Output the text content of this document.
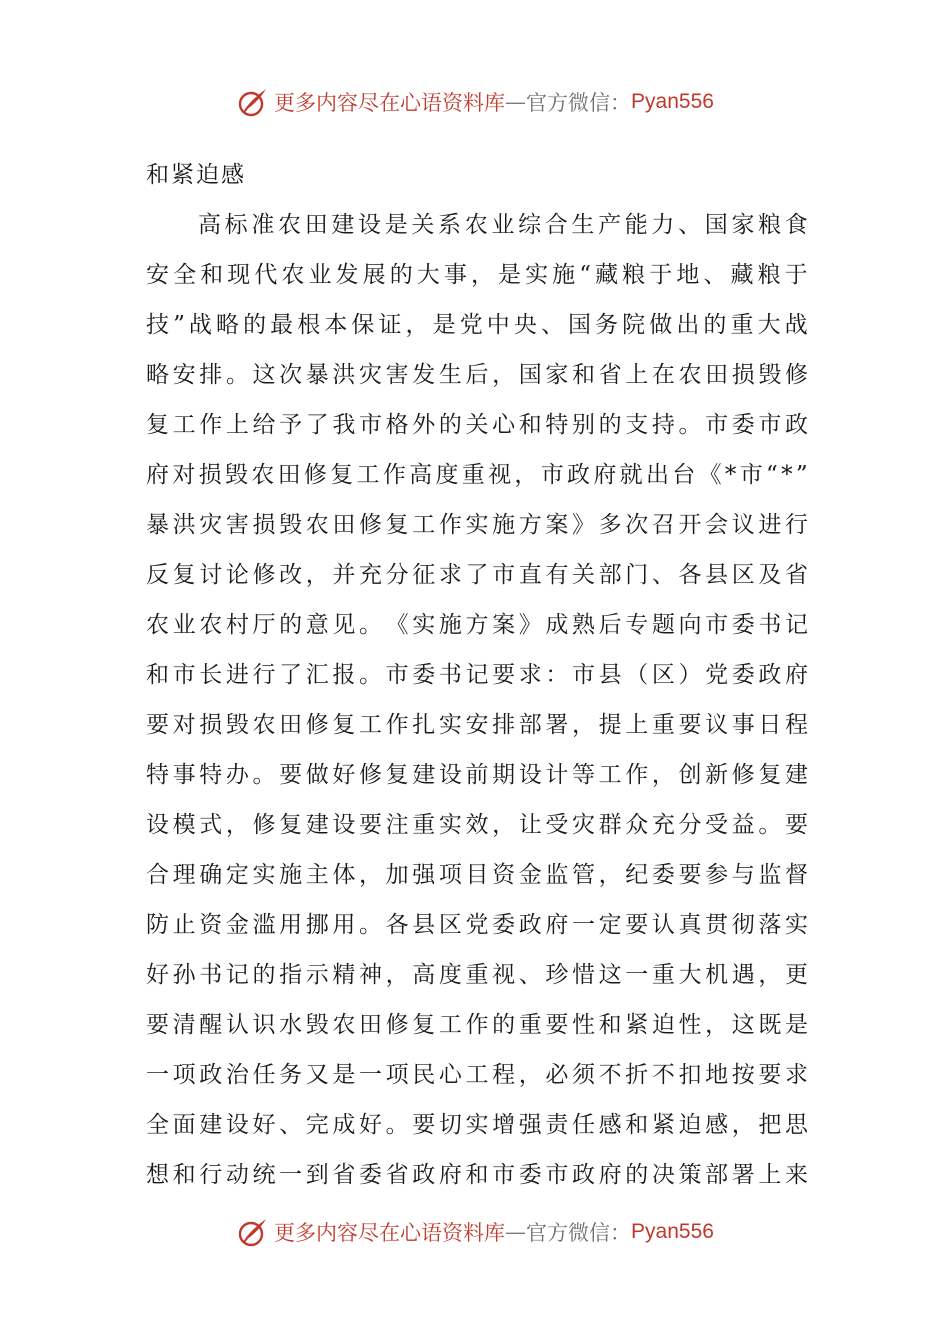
更多内容尽在心语资料库 — 官方微信： Pyan556
和紧迫感
高 标 准 农 田 建 设 是 关 系 农 业 综 合 生 产 能 力 、 国 家 粮 食
安 全 和 现 代 农 业 发 展 的 大 事 ， 是 实 施 “ 藏 粮 于 地 、 藏 粮 于
技 ” 战 略 的 最 根 本 保 证 ， 是 党 中 央 、 国 务 院 做 出 的 重 大 战
略 安 排 。 这 次 暴 洪 灾 害 发 生 后 ， 国 家 和 省 上 在 农 田 损 毁 修
复 工 作 上 给 予 了 我 市 格 外 的 关 心 和 特 别 的 支 持 。 市 委 市 政
府 对 损 毁 农 田 修 复 工 作 高 度 重 视 ， 市 政 府 就 出 台 《 * 市 “ * ”
暴 洪 灾 害 损 毁 农 田 修 复 工 作 实 施 方 案 》 多 次 召 开 会 议 进 行
反 复 讨 论 修 改 ， 并 充 分 征 求 了 市 直 有 关 部 门 、 各 县 区 及 省
农 业 农 村 厅 的 意 见 。 《 实 施 方 案 》 成 熟 后 专 题 向 市 委 书 记
和 市 长 进 行 了 汇 报 。 市 委 书 记 要 求 ： 市 县 （ 区 ） 党 委 政 府
要 对 损 毁 农 田 修 复 工 作 扎 实 安 排 部 署 ， 提 上 重 要 议 事 日 程
特 事 特 办 。 要 做 好 修 复 建 设 前 期 设 计 等 工 作 ， 创 新 修 复 建
设 模 式 ， 修 复 建 设 要 注 重 实 效 ， 让 受 灾 群 众 充 分 受 益 。 要
合 理 确 定 实 施 主 体 ， 加 强 项 目 资 金 监 管 ， 纪 委 要 参 与 监 督
防 止 资 金 滥 用 挪 用 。 各 县 区 党 委 政 府 一 定 要 认 真 贯 彻 落 实
好 孙 书 记 的 指 示 精 神 ， 高 度 重 视 、 珍 惜 这 一 重 大 机 遇 ， 更
要 清 醒 认 识 水 毁 农 田 修 复 工 作 的 重 要 性 和 紧 迫 性 ， 这 既 是
一 项 政 治 任 务 又 是 一 项 民 心 工 程 ， 必 须 不 折 不 扣 地 按 要 求
全 面 建 设 好 、 完 成 好 。 要 切 实 增 强 责 任 感 和 紧 迫 感 ， 把 思
想 和 行 动 统 一 到 省 委 省 政 府 和 市 委 市 政 府 的 决 策 部 署 上 来
更多内容尽在心语资料库 — 官方微信： Pyan556
